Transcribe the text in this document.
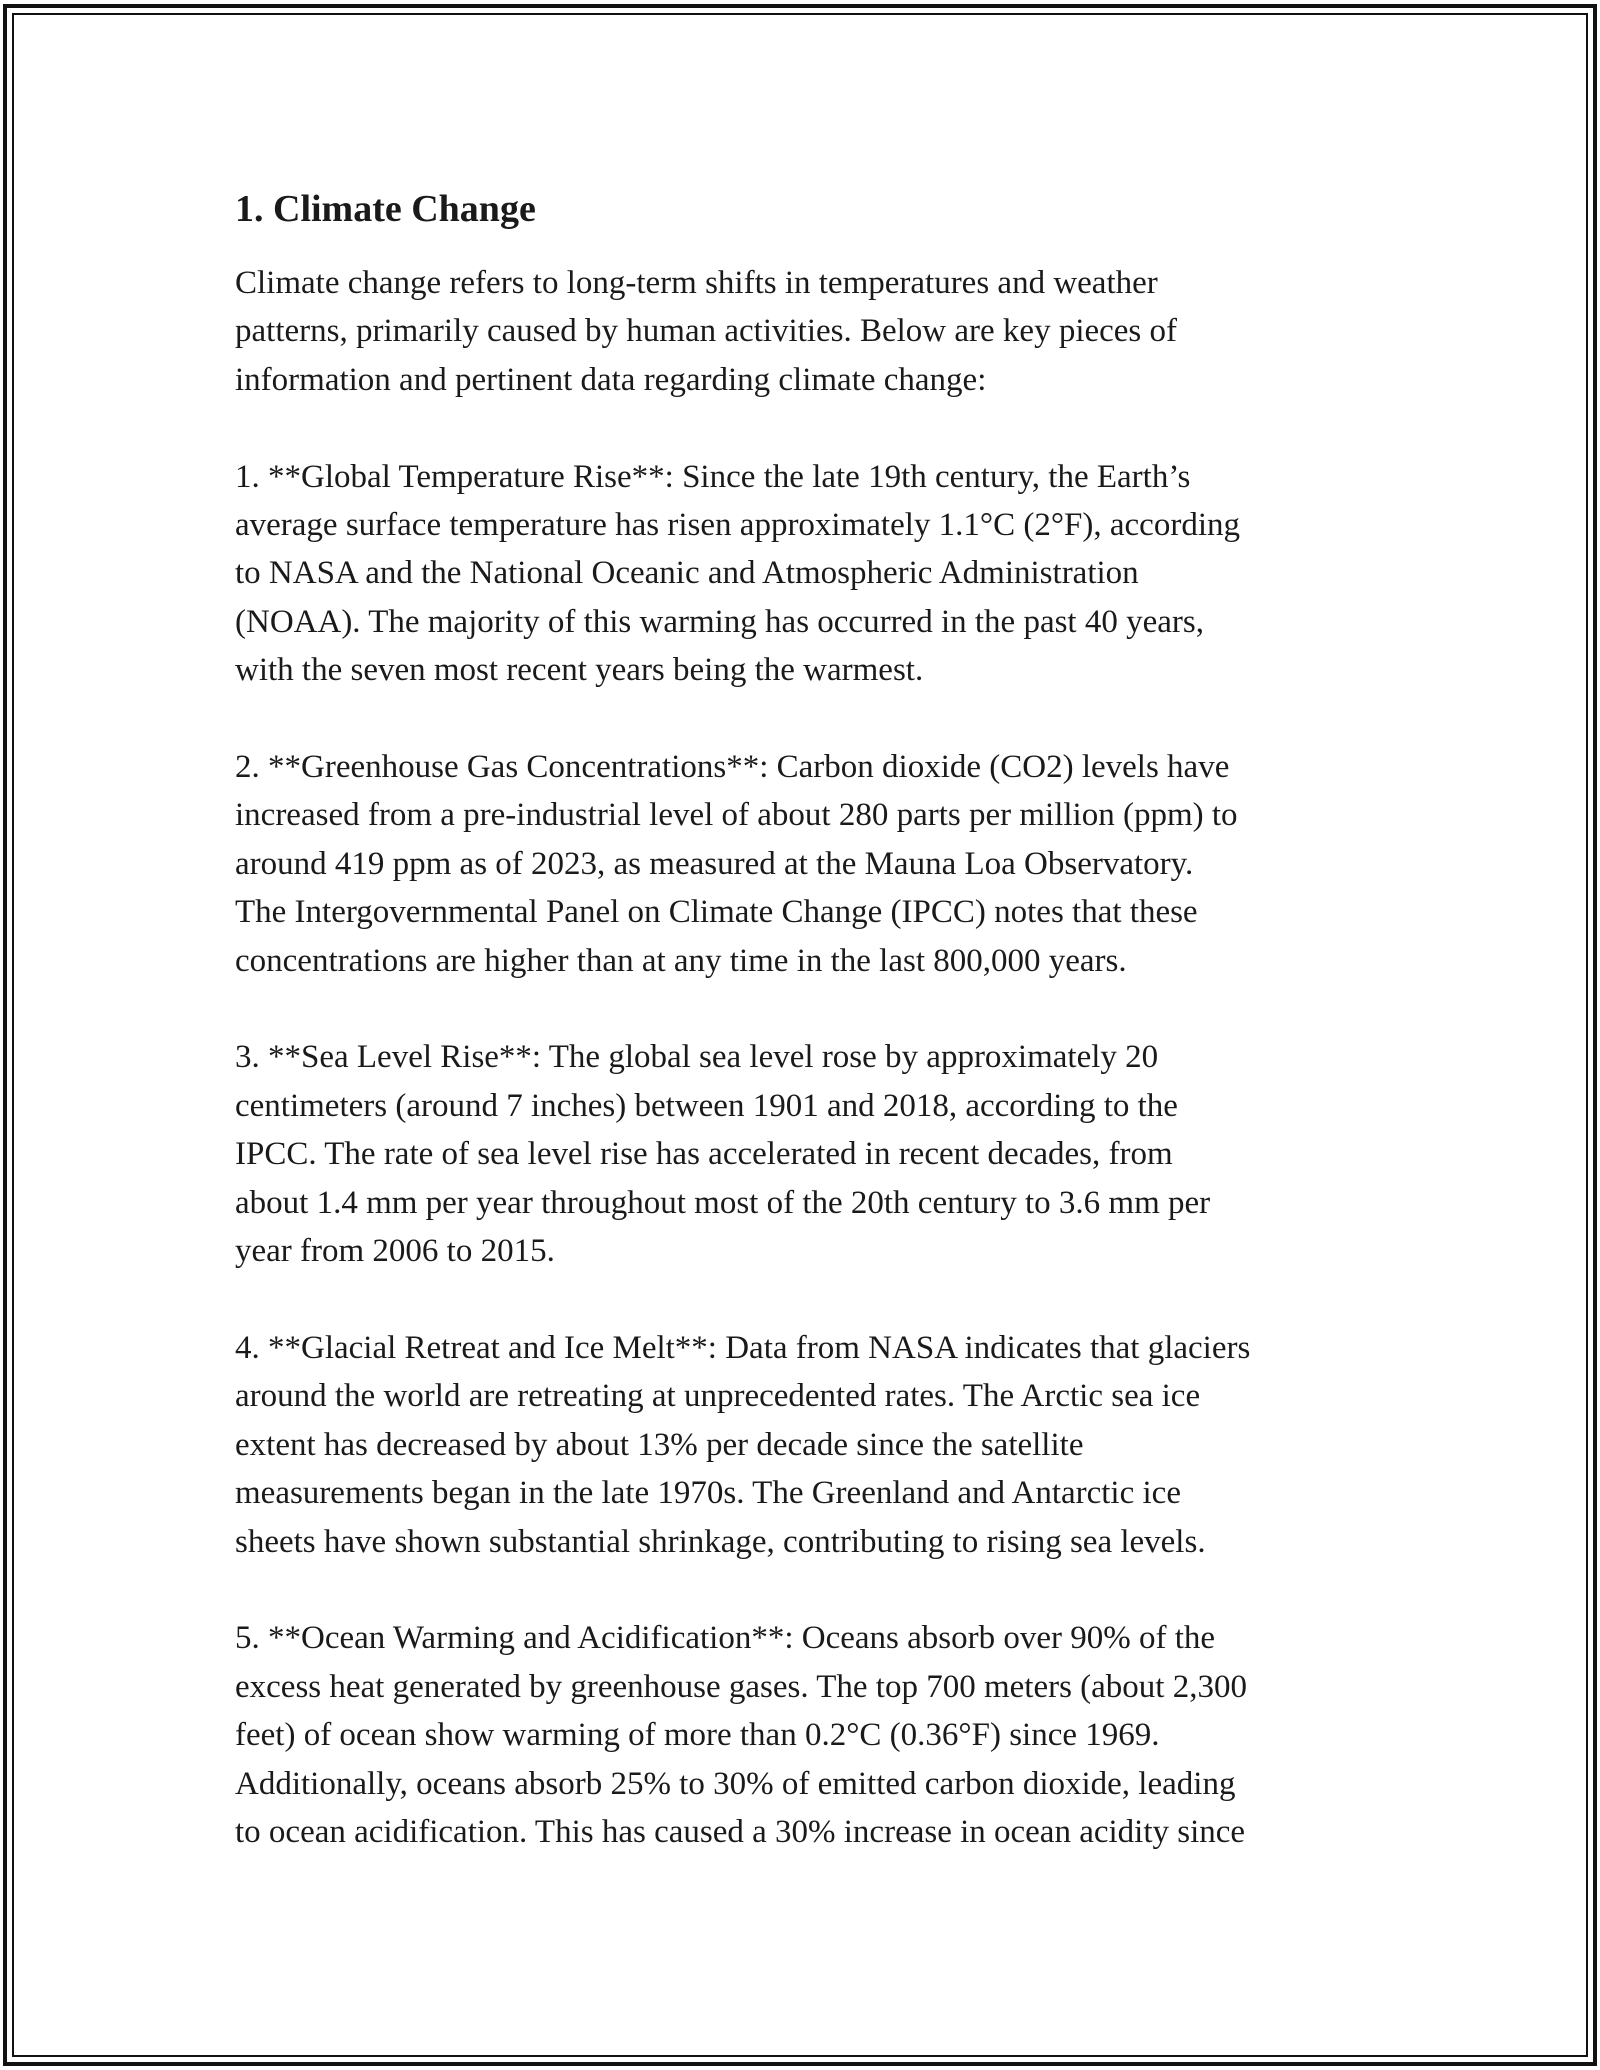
1. Climate Change
Climate change refers to long-term shifts in temperatures and weather
patterns, primarily caused by human activities. Below are key pieces of
information and pertinent data regarding climate change:
1. **Global Temperature Rise**: Since the late 19th century, the Earth’s
average surface temperature has risen approximately 1.1°C (2°F), according
to NASA and the National Oceanic and Atmospheric Administration
(NOAA). The majority of this warming has occurred in the past 40 years,
with the seven most recent years being the warmest.
2. **Greenhouse Gas Concentrations**: Carbon dioxide (CO2) levels have
increased from a pre-industrial level of about 280 parts per million (ppm) to
around 419 ppm as of 2023, as measured at the Mauna Loa Observatory.
The Intergovernmental Panel on Climate Change (IPCC) notes that these
concentrations are higher than at any time in the last 800,000 years.
3. **Sea Level Rise**: The global sea level rose by approximately 20
centimeters (around 7 inches) between 1901 and 2018, according to the
IPCC. The rate of sea level rise has accelerated in recent decades, from
about 1.4 mm per year throughout most of the 20th century to 3.6 mm per
year from 2006 to 2015.
4. **Glacial Retreat and Ice Melt**: Data from NASA indicates that glaciers
around the world are retreating at unprecedented rates. The Arctic sea ice
extent has decreased by about 13% per decade since the satellite
measurements began in the late 1970s. The Greenland and Antarctic ice
sheets have shown substantial shrinkage, contributing to rising sea levels.
5. **Ocean Warming and Acidification**: Oceans absorb over 90% of the
excess heat generated by greenhouse gases. The top 700 meters (about 2,300
feet) of ocean show warming of more than 0.2°C (0.36°F) since 1969.
Additionally, oceans absorb 25% to 30% of emitted carbon dioxide, leading
to ocean acidification. This has caused a 30% increase in ocean acidity since
